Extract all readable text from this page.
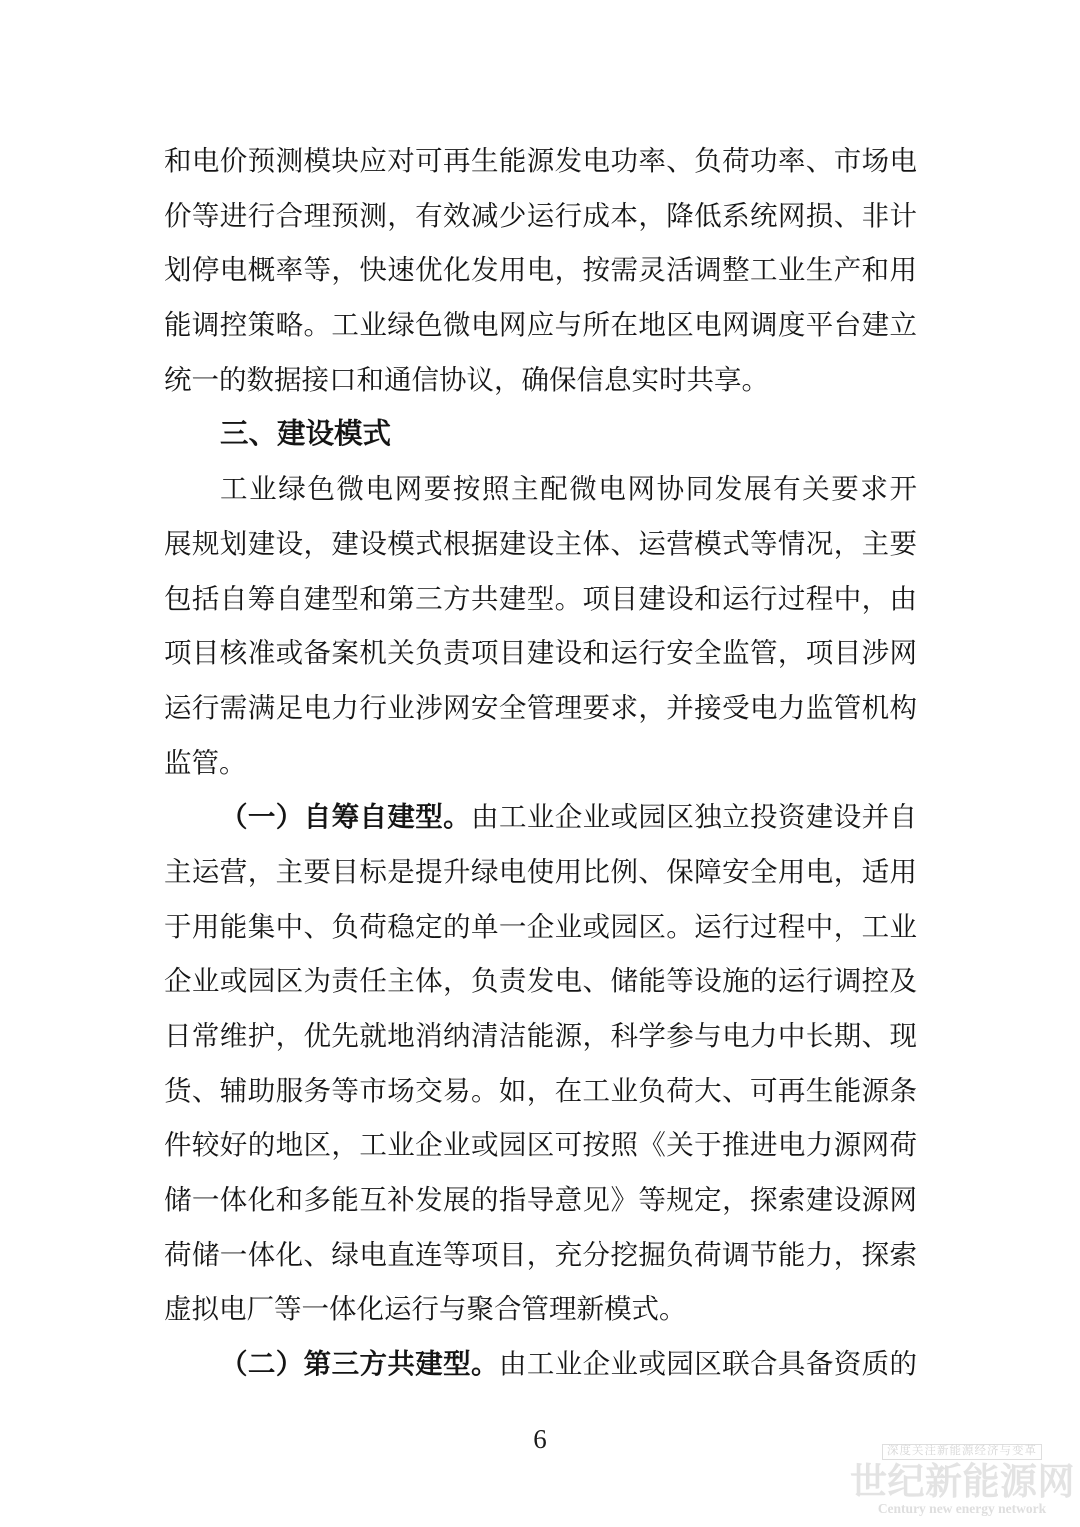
和电价预测模块应对可再生能源发电功率、负荷功率、市场电
价等进行合理预测，有效减少运行成本，降低系统网损、非计
划停电概率等，快速优化发用电，按需灵活调整工业生产和用
能调控策略。工业绿色微电网应与所在地区电网调度平台建立
统一的数据接口和通信协议，确保信息实时共享。
三、建设模式
工业绿色微电网要按照主配微电网协同发展有关要求开
展规划建设，建设模式根据建设主体、运营模式等情况，主要
包括自筹自建型和第三方共建型。项目建设和运行过程中，由
项目核准或备案机关负责项目建设和运行安全监管，项目涉网
运行需满足电力行业涉网安全管理要求，并接受电力监管机构
监管。
（一）自筹自建型。由工业企业或园区独立投资建设并自
主运营，主要目标是提升绿电使用比例、保障安全用电，适用
于用能集中、负荷稳定的单一企业或园区。运行过程中，工业
企业或园区为责任主体，负责发电、储能等设施的运行调控及
日常维护，优先就地消纳清洁能源，科学参与电力中长期、现
货、辅助服务等市场交易。如，在工业负荷大、可再生能源条
件较好的地区，工业企业或园区可按照《关于推进电力源网荷
储一体化和多能互补发展的指导意见》等规定，探索建设源网
荷储一体化、绿电直连等项目，充分挖掘负荷调节能力，探索
虚拟电厂等一体化运行与聚合管理新模式。
（二）第三方共建型。由工业企业或园区联合具备资质的
6	深度关注新能源经济与变革
世纪新能源网
Century new energy network
